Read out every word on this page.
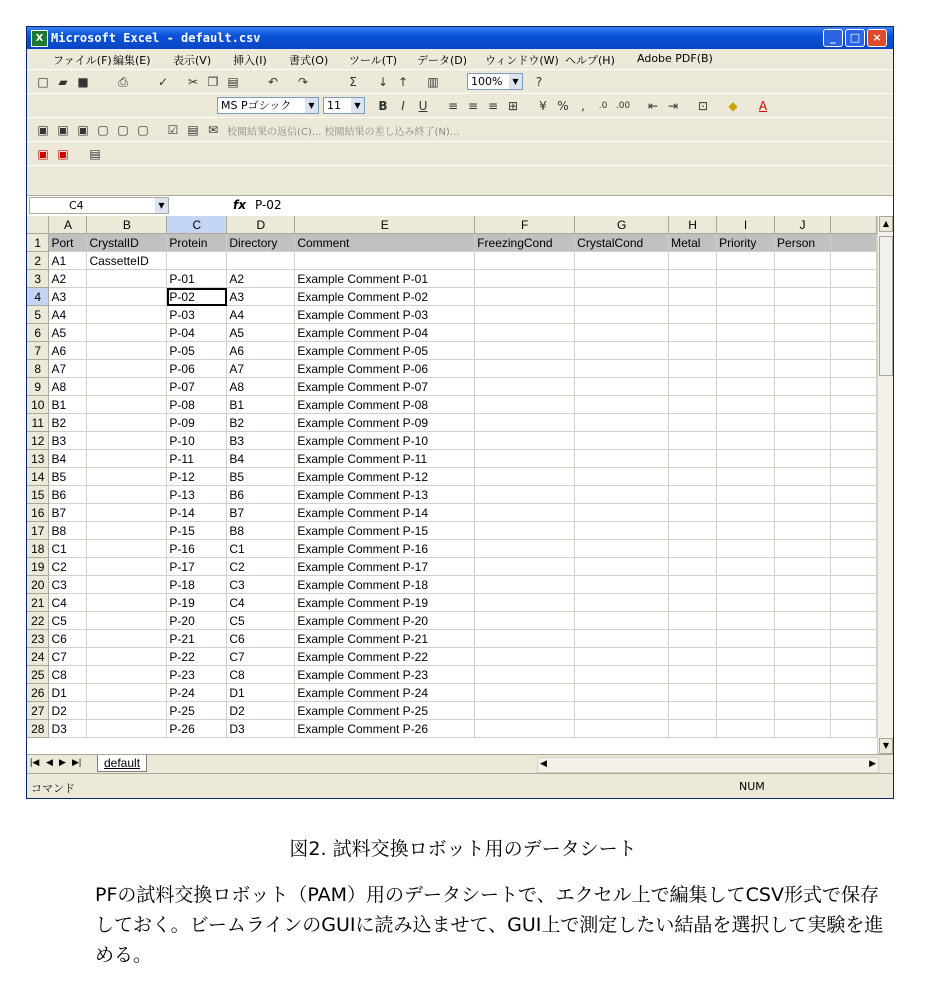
X Microsoft Excel - default.csv	_	□	×
ファイル(F) 編集(E) 表示(V) 挿入(I) 書式(O) ツール(T) データ(D) ウィンドウ(W) ヘルプ(H) Adobe PDF(B)
□ ▰ ■ ⎙	✓ ✂ ❐ ▤ ↶ ↷	Σ	↓ ↑ ▥	100%	▼	?
MS Pゴシック	▼	11	▼ B	I	U	≡ ≡ ≡ ⊞	¥ %	,	.0 .00 ⇤ ⇥ ⊡ ◆	A
▣ ▣ ▣ ▢ ▢ ▢ ☑ ▤ ✉ 校閲結果の返信(C)... 校閲結果の差し込み終了(N)...
▣ ▣ ▤
C4	▼	fx P-02
	A	B	C	D	E	F	G	H	I	J	
1	Port	CrystalID	Protein	Directory	Comment	FreezingCond	CrystalCond	Metal	Priority	Person	
2	A1	CassetteID									
3	A2		P-01	A2	Example Comment P-01						
4	A3		P-02	A3	Example Comment P-02						
5	A4		P-03	A4	Example Comment P-03						
6	A5		P-04	A5	Example Comment P-04						
7	A6		P-05	A6	Example Comment P-05						
8	A7		P-06	A7	Example Comment P-06						
9	A8		P-07	A8	Example Comment P-07						
10	B1		P-08	B1	Example Comment P-08						
11	B2		P-09	B2	Example Comment P-09						
12	B3		P-10	B3	Example Comment P-10						
13	B4		P-11	B4	Example Comment P-11						
14	B5		P-12	B5	Example Comment P-12						
15	B6		P-13	B6	Example Comment P-13						
16	B7		P-14	B7	Example Comment P-14						
17	B8		P-15	B8	Example Comment P-15						
18	C1		P-16	C1	Example Comment P-16						
19	C2		P-17	C2	Example Comment P-17						
20	C3		P-18	C3	Example Comment P-18						
21	C4		P-19	C4	Example Comment P-19						
22	C5		P-20	C5	Example Comment P-20						
23	C6		P-21	C6	Example Comment P-21						
24	C7		P-22	C7	Example Comment P-22						
25	C8		P-23	C8	Example Comment P-23						
26	D1		P-24	D1	Example Comment P-24						
27	D2		P-25	D2	Example Comment P-25						
28	D3		P-26	D3	Example Comment P-26						
▲
▼
|◀ ◀ ▶ ▶|	default	◀	▶
コマンド	NUM
図2. 試料交換ロボット用のデータシート
PFの試料交換ロボット（PAM）用のデータシートで、エクセル上で編集してCSV形式で保存しておく。ビームラインのGUIに読み込ませて、GUI上で測定したい結晶を選択して実験を進める。
